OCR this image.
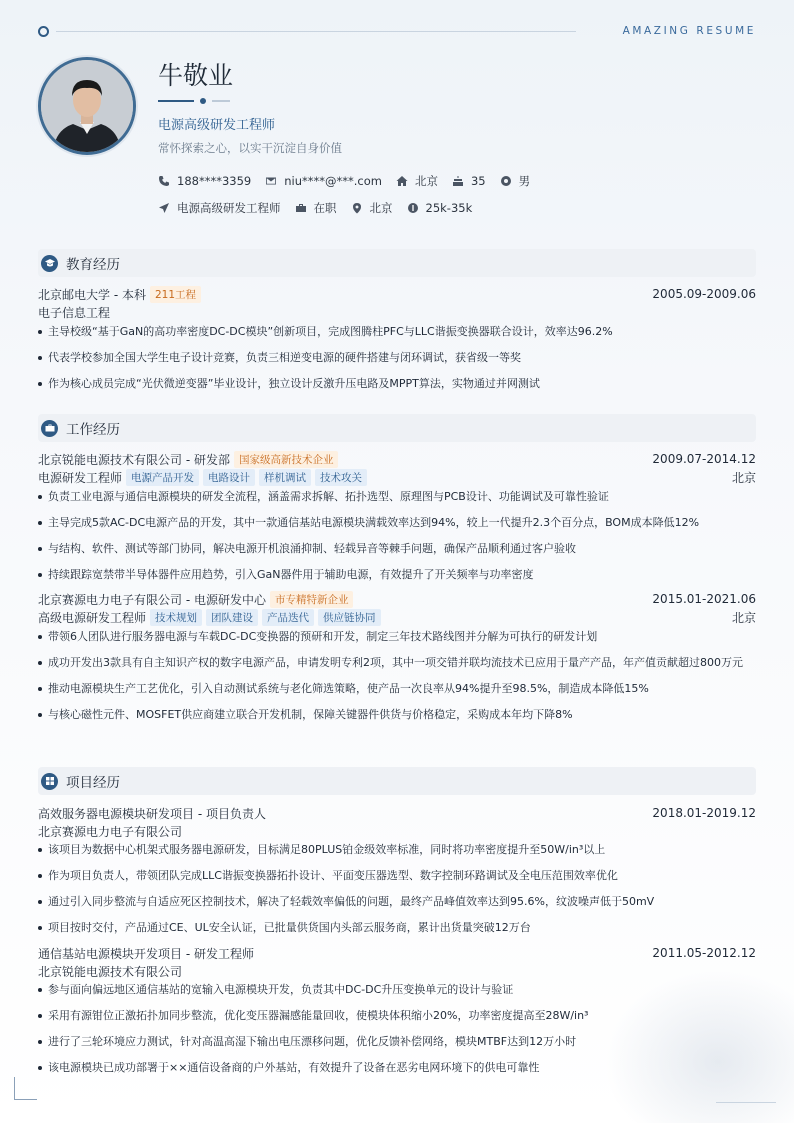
AMAZING RESUME
牛敬业
电源高级研发工程师
常怀探索之心，以实干沉淀自身价值
188****3359	niu****@***.com	北京	35	男
电源高级研发工程师	在职	北京	25k-35k
教育经历
北京邮电大学 - 本科 211工程	2005.09-2009.06
电子信息工程
主导校级“基于GaN的高功率密度DC-DC模块”创新项目，完成图腾柱PFC与LLC谐振变换器联合设计，效率达96.2%
代表学校参加全国大学生电子设计竞赛，负责三相逆变电源的硬件搭建与闭环调试，获省级一等奖
作为核心成员完成“光伏微逆变器”毕业设计，独立设计反激升压电路及MPPT算法，实物通过并网测试
工作经历
北京锐能电源技术有限公司 - 研发部 国家级高新技术企业	2009.07-2014.12
电源研发工程师 电源产品开发	电路设计	样机调试	技术攻关	北京
负责工业电源与通信电源模块的研发全流程，涵盖需求拆解、拓扑选型、原理图与PCB设计、功能调试及可靠性验证
主导完成5款AC-DC电源产品的开发，其中一款通信基站电源模块满载效率达到94%，较上一代提升2.3个百分点，BOM成本降低12%
与结构、软件、测试等部门协同，解决电源开机浪涌抑制、轻载异音等棘手问题，确保产品顺利通过客户验收
持续跟踪宽禁带半导体器件应用趋势，引入GaN器件用于辅助电源，有效提升了开关频率与功率密度
北京赛源电力电子有限公司 - 电源研发中心 市专精特新企业	2015.01-2021.06
高级电源研发工程师 技术规划	团队建设	产品迭代	供应链协同	北京
带领6人团队进行服务器电源与车载DC-DC变换器的预研和开发，制定三年技术路线图并分解为可执行的研发计划
成功开发出3款具有自主知识产权的数字电源产品，申请发明专利2项，其中一项交错并联均流技术已应用于量产产品，年产值贡献超过800万元
推动电源模块生产工艺优化，引入自动测试系统与老化筛选策略，使产品一次良率从94%提升至98.5%，制造成本降低15%
与核心磁性元件、MOSFET供应商建立联合开发机制，保障关键器件供货与价格稳定，采购成本年均下降8%
项目经历
高效服务器电源模块研发项目 - 项目负责人	2018.01-2019.12
北京赛源电力电子有限公司
该项目为数据中心机架式服务器电源研发，目标满足80PLUS铂金级效率标准，同时将功率密度提升至50W/in³以上
作为项目负责人，带领团队完成LLC谐振变换器拓扑设计、平面变压器选型、数字控制环路调试及全电压范围效率优化
通过引入同步整流与自适应死区控制技术，解决了轻载效率偏低的问题，最终产品峰值效率达到95.6%，纹波噪声低于50mV
项目按时交付，产品通过CE、UL安全认证，已批量供货国内头部云服务商，累计出货量突破12万台
通信基站电源模块开发项目 - 研发工程师	2011.05-2012.12
北京锐能电源技术有限公司
参与面向偏远地区通信基站的宽输入电源模块开发，负责其中DC-DC升压变换单元的设计与验证
采用有源钳位正激拓扑加同步整流，优化变压器漏感能量回收，使模块体积缩小20%，功率密度提高至28W/in³
进行了三轮环境应力测试，针对高温高湿下输出电压漂移问题，优化反馈补偿网络，模块MTBF达到12万小时
该电源模块已成功部署于××通信设备商的户外基站，有效提升了设备在恶劣电网环境下的供电可靠性
